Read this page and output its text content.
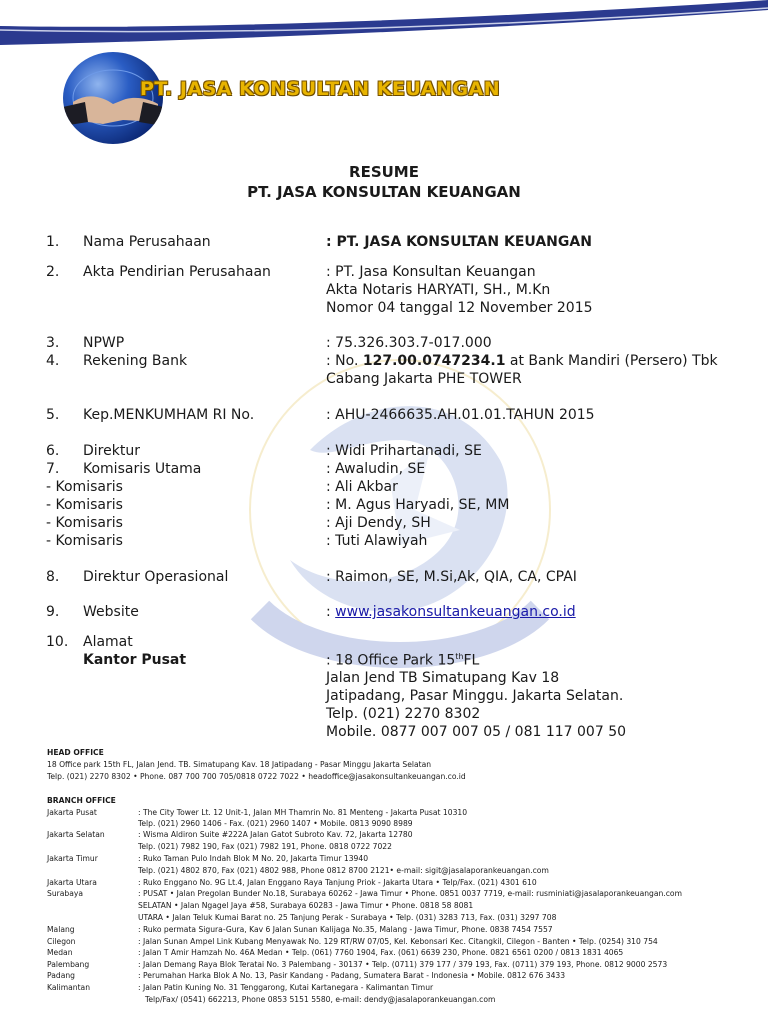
PT. JASA KONSULTAN KEUANGAN
RESUME
PT. JASA KONSULTAN KEUANGAN
1. Nama Perusahaan	: PT. JASA KONSULTAN KEUANGAN
2. Akta Pendirian Perusahaan	: PT. Jasa Konsultan Keuangan
Akta Notaris HARYATI, SH., M.Kn
Nomor 04 tanggal 12 November 2015
3. NPWP	: 75.326.303.7-017.000
4. Rekening Bank	: No. 127.00.0747234.1 at Bank Mandiri (Persero) Tbk
Cabang Jakarta PHE TOWER
5. Kep.MENKUMHAM RI No.	: AHU-2466635.AH.01.01.TAHUN 2015
6. Direktur	: Widi Prihartanadi, SE
7. Komisaris Utama	: Awaludin, SE
- Komisaris	: Ali Akbar
- Komisaris	: M. Agus Haryadi, SE, MM
- Komisaris	: Aji Dendy, SH
- Komisaris	: Tuti Alawiyah
8. Direktur Operasional	: Raimon, SE, M.Si,Ak, QIA, CA, CPAI
9. Website	: www.jasakonsultankeuangan.co.id
10. Alamat
Kantor Pusat	: 18 Office Park 15thFL
Jalan Jend TB Simatupang Kav 18
Jatipadang, Pasar Minggu. Jakarta Selatan.
Telp. (021) 2270 8302
Mobile. 0877 007 007 05 / 081 117 007 50
HEAD OFFICE
18 Office park 15th FL, Jalan Jend. TB. Simatupang Kav. 18 Jatipadang - Pasar Minggu Jakarta Selatan
Telp. (021) 2270 8302 • Phone. 087 700 700 705/0818 0722 7022 • headoffice@jasakonsultankeuangan.co.id
BRANCH OFFICE
Jakarta Pusat	: The City Tower Lt. 12 Unit-1, Jalan MH Thamrin No. 81 Menteng - Jakarta Pusat 10310
Telp. (021) 2960 1406 - Fax. (021) 2960 1407 • Mobile. 0813 9090 8989
Jakarta Selatan	: Wisma Aldiron Suite #222A Jalan Gatot Subroto Kav. 72, Jakarta 12780
Telp. (021) 7982 190, Fax (021) 7982 191, Phone. 0818 0722 7022
Jakarta Timur	: Ruko Taman Pulo Indah Blok M No. 20, Jakarta Timur 13940
Telp. (021) 4802 870, Fax (021) 4802 988, Phone 0812 8700 2121• e-mail: sigit@jasalaporankeuangan.com
Jakarta Utara	: Ruko Enggano No. 9G Lt.4, Jalan Enggano Raya Tanjung Priok - Jakarta Utara • Telp/Fax. (021) 4301 610
Surabaya	: PUSAT • Jalan Pregolan Bunder No.18, Surabaya 60262 - Jawa Timur • Phone. 0851 0037 7719, e-mail: rusminiati@jasalaporankeuangan.com
SELATAN • Jalan Ngagel Jaya #58, Surabaya 60283 - Jawa Timur • Phone. 0818 58 8081
UTARA • Jalan Teluk Kumai Barat no. 25 Tanjung Perak - Surabaya • Telp. (031) 3283 713, Fax. (031) 3297 708
Malang	: Ruko permata Sigura-Gura, Kav 6 Jalan Sunan Kalijaga No.35, Malang - Jawa Timur, Phone. 0838 7454 7557
Cilegon	: Jalan Sunan Ampel Link Kubang Menyawak No. 129 RT/RW 07/05, Kel. Kebonsari Kec. Citangkil, Cilegon - Banten • Telp. (0254) 310 754
Medan	: Jalan T Amir Hamzah No. 46A Medan • Telp. (061) 7760 1904, Fax. (061) 6639 230, Phone. 0821 6561 0200 / 0813 1831 4065
Palembang	: Jalan Demang Raya Blok Teratai No. 3 Palembang - 30137 • Telp. (0711) 379 177 / 379 193, Fax. (0711) 379 193, Phone. 0812 9000 2573
Padang	: Perumahan Harka Blok A No. 13, Pasir Kandang - Padang, Sumatera Barat - Indonesia • Mobile. 0812 676 3433
Kalimantan	: Jalan Patin Kuning No. 31 Tenggarong, Kutai Kartanegara - Kalimantan Timur
Telp/Fax/ (0541) 662213, Phone 0853 5151 5580, e-mail: dendy@jasalaporankeuangan.com
